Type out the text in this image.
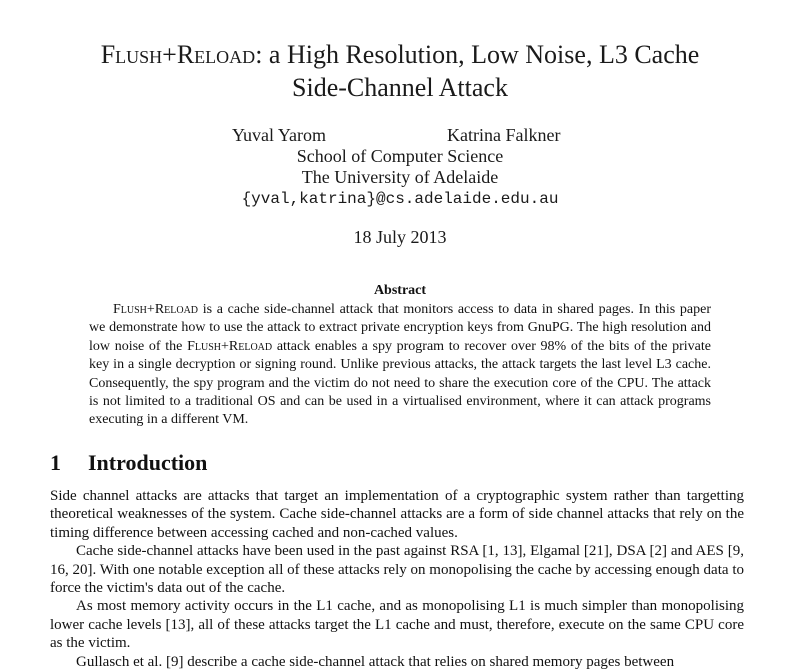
Flush+Reload: a High Resolution, Low Noise, L3 Cache
Side-Channel Attack
Yuval Yarom	Katrina Falkner
School of Computer Science
The University of Adelaide
{yval,katrina}@cs.adelaide.edu.au
18 July 2013
Abstract
Flush+Reload is a cache side-channel attack that monitors access to data in shared pages. In this paper we demonstrate how to use the attack to extract private encryption keys from GnuPG. The high resolution and low noise of the Flush+Reload attack enables a spy program to recover over 98% of the bits of the private key in a single decryption or signing round. Unlike previous attacks, the attack targets the last level L3 cache. Consequently, the spy program and the victim do not need to share the execution core of the CPU. The attack is not limited to a traditional OS and can be used in a virtualised environment, where it can attack programs executing in a different VM.
1 Introduction

Side channel attacks are attacks that target an implementation of a cryptographic system rather than targetting theoretical weaknesses of the system. Cache side-channel attacks are a form of side channel attacks that rely on the timing difference between accessing cached and non-cached values.

Cache side-channel attacks have been used in the past against RSA [1, 13], Elgamal [21], DSA [2] and AES [9, 16, 20]. With one notable exception all of these attacks rely on monopolising the cache by accessing enough data to force the victim's data out of the cache.

As most memory activity occurs in the L1 cache, and as monopolising L1 is much simpler than monopolising lower cache levels [13], all of these attacks target the L1 cache and must, therefore, execute on the same CPU core as the victim.

Gullasch et al. [9] describe a cache side-channel attack that relies on shared memory pages between
